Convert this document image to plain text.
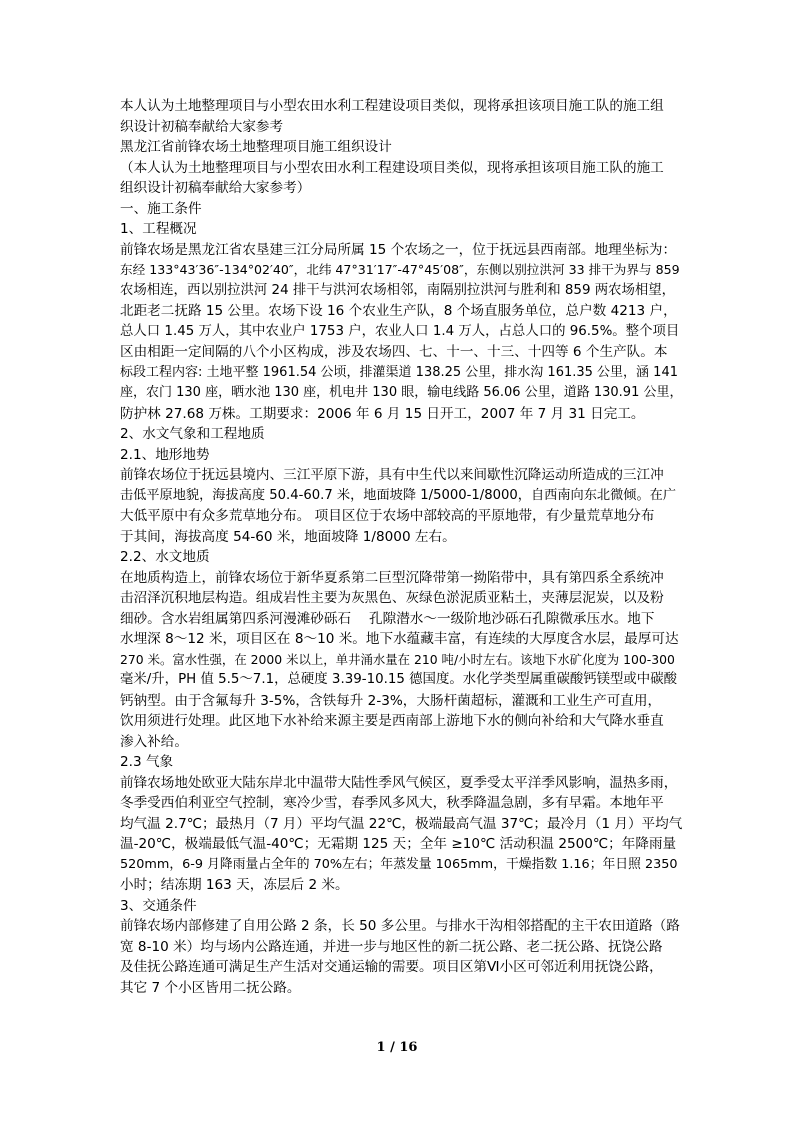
本人认为土地整理项目与小型农田水利工程建设项目类似，现将承担该项目施工队的施工组
织设计初稿奉献给大家参考
黑龙江省前锋农场土地整理项目施工组织设计
（本人认为土地整理项目与小型农田水利工程建设项目类似，现将承担该项目施工队的施工
组织设计初稿奉献给大家参考）
一、施工条件
1、工程概况
前锋农场是黑龙江省农垦建三江分局所属 15 个农场之一，位于抚远县西南部。地理坐标为：
东经 133°43′36″-134°02′40″，北纬 47°31′17″-47°45′08″，东侧以别拉洪河 33 排干为界与 859
农场相连，西以别拉洪河 24 排干与洪河农场相邻，南隔别拉洪河与胜利和 859 两农场相望，
北距老二抚路 15 公里。农场下设 16 个农业生产队，8 个场直服务单位，总户数 4213 户，
总人口 1.45 万人，其中农业户 1753 户，农业人口 1.4 万人，占总人口的 96.5%。整个项目
区由相距一定间隔的八个小区构成，涉及农场四、七、十一、十三、十四等 6 个生产队。本
标段工程内容: 土地平整 1961.54 公顷，排灌渠道 138.25 公里，排水沟 161.35 公里，涵 141
座，农门 130 座，晒水池 130 座，机电井 130 眼，输电线路 56.06 公里，道路 130.91 公里，
防护林 27.68 万株。工期要求：2006 年 6 月 15 日开工，2007 年 7 月 31 日完工。
2、水文气象和工程地质
2.1、地形地势
前锋农场位于抚远县境内、三江平原下游，具有中生代以来间歇性沉降运动所造成的三江冲
击低平原地貌，海拔高度 50.4-60.7 米，地面坡降 1/5000-1/8000，自西南向东北微倾。在广
大低平原中有众多荒草地分布。 项目区位于农场中部较高的平原地带，有少量荒草地分布
于其间，海拔高度 54-60 米，地面坡降 1/8000 左右。
2.2、水文地质
在地质构造上，前锋农场位于新华夏系第二巨型沉降带第一拗陷带中，具有第四系全系统冲
击沼泽沉积地层构造。组成岩性主要为灰黑色、灰绿色淤泥质亚粘土，夹薄层泥炭，以及粉
细砂。含水岩组属第四系河漫滩砂砾石　 孔隙潜水～一级阶地沙砾石孔隙微承压水。地下
水埋深 8～12 米，项目区在 8～10 米。地下水蕴藏丰富，有连续的大厚度含水层，最厚可达
270 米。富水性强，在 2000 米以上，单井涌水量在 210 吨/小时左右。该地下水矿化度为 100-300
毫米/升，PH 值 5.5～7.1，总硬度 3.39-10.15 德国度。水化学类型属重碳酸钙镁型或中碳酸
钙钠型。由于含氟每升 3-5%，含铁每升 2-3%，大肠杆菌超标，灌溉和工业生产可直用，
饮用须进行处理。此区地下水补给来源主要是西南部上游地下水的侧向补给和大气降水垂直
渗入补给。
2.3 气象
前锋农场地处欧亚大陆东岸北中温带大陆性季风气候区，夏季受太平洋季风影响，温热多雨，
冬季受西伯利亚空气控制，寒冷少雪，春季风多风大，秋季降温急剧，多有早霜。本地年平
均气温 2.7℃；最热月（7 月）平均气温 22℃，极端最高气温 37℃；最冷月（1 月）平均气
温-20℃，极端最低气温-40℃；无霜期 125 天；全年 ≥10℃ 活动积温 2500℃；年降雨量
520mm，6-9 月降雨量占全年的 70%左右；年蒸发量 1065mm，干燥指数 1.16；年日照 2350
小时；结冻期 163 天，冻层后 2 米。
3、交通条件
前锋农场内部修建了自用公路 2 条，长 50 多公里。与排水干沟相邻搭配的主干农田道路（路
宽 8-10 米）均与场内公路连通，并进一步与地区性的新二抚公路、老二抚公路、抚饶公路
及佳抚公路连通可满足生产生活对交通运输的需要。项目区第Ⅵ小区可邻近利用抚饶公路，
其它 7 个小区皆用二抚公路。
1 / 16
